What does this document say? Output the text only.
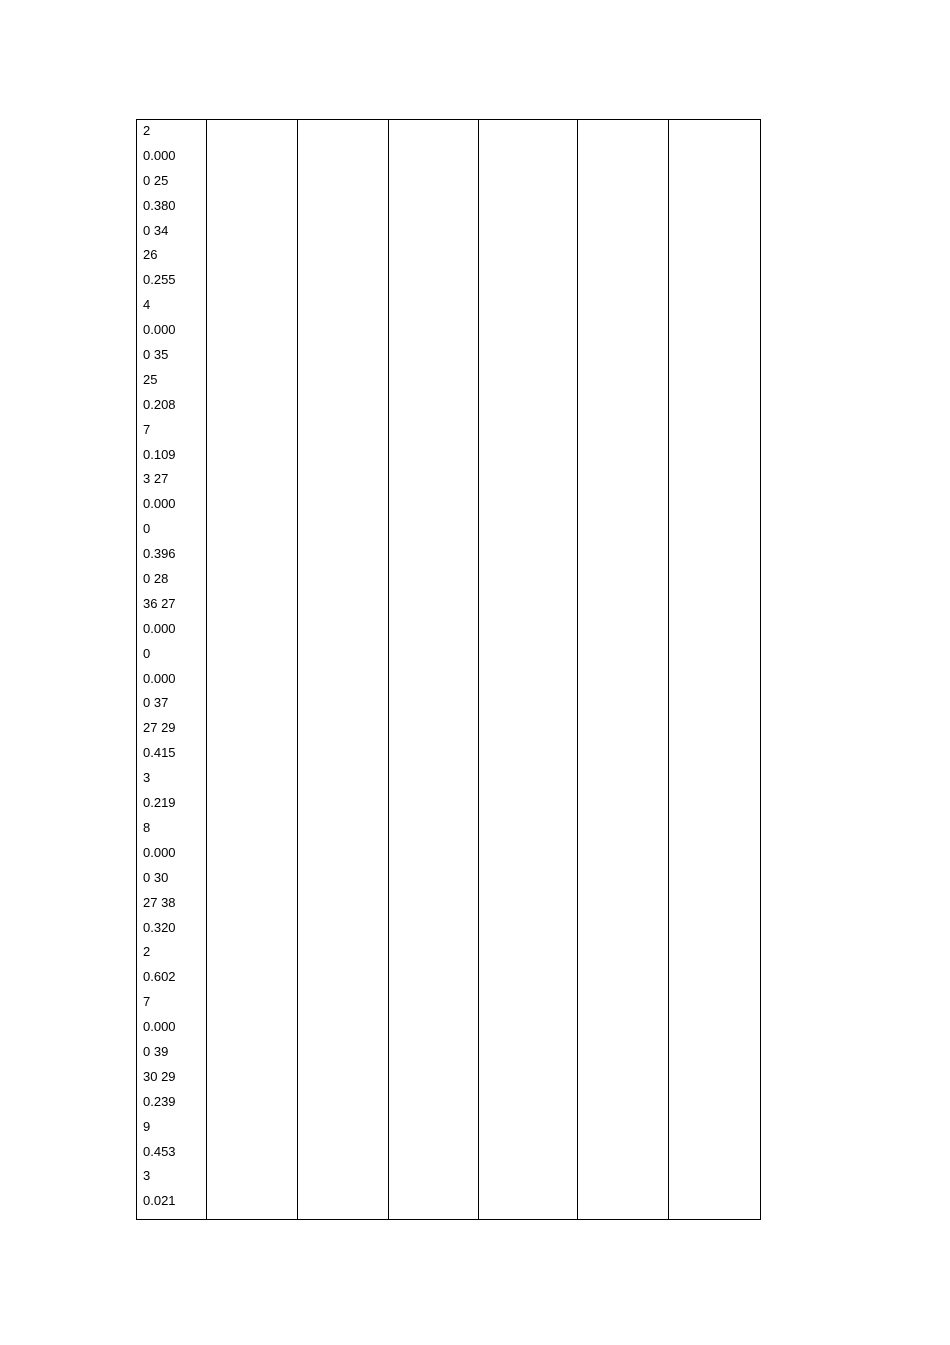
2
0.000
0 25
0.380
0 34
26
0.255
4
0.000
0 35
25
0.208
7
0.109
3 27
0.000
0
0.396
0 28
36 27
0.000
0
0.000
0 37
27 29
0.415
3
0.219
8
0.000
0 30
27 38
0.320
2
0.602
7
0.000
0 39
30 29
0.239
9
0.453
3
0.021
